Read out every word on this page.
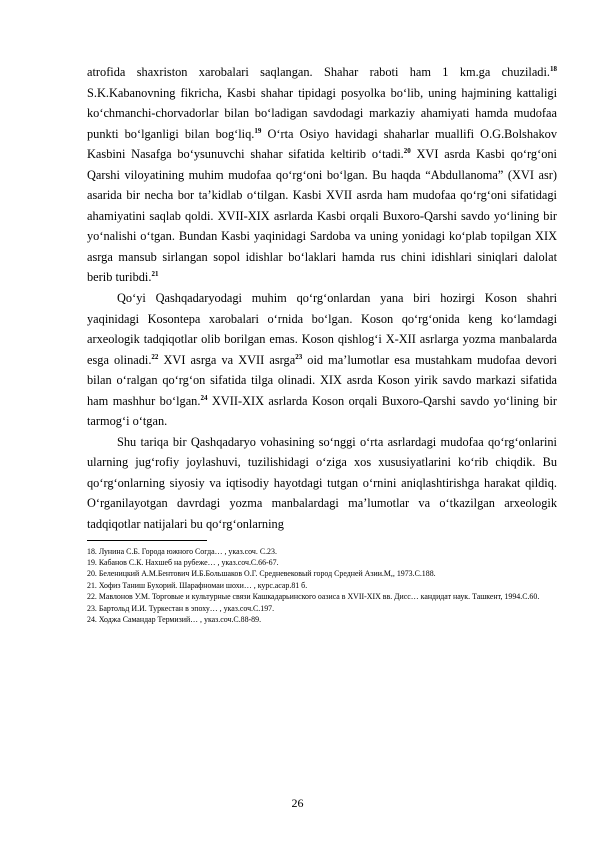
atrofida shaxriston xarobalari saqlangan. Shahar raboti ham 1 km.ga chuziladi.$^{18}$ S.K.Kabanovning fikricha, Kasbi shahar tipidagi posyolka bo‘lib, uning hajmining kattaligi ko‘chmanchi-chorvadorlar bilan bo‘ladigan savdodagi markaziy ahamiyati hamda mudofaa punkti bo‘lganligi bilan bog‘liq.$^{19}$ O‘rta Osiyo havidagi shaharlar muallifi O.G.Bolshakov Kasbini Nasafga bo‘ysunuvchi shahar sifatida keltirib o‘tadi.$^{20}$ XVI asrda Kasbi qo‘rg‘oni Qarshi viloyatining muhim mudofaa qo‘rg‘oni bo‘lgan. Bu haqda “Abdullanoma” (XVI asr) asarida bir necha bor ta’kidlab o‘tilgan. Kasbi XVII asrda ham mudofaa qo‘rg‘oni sifatidagi ahamiyatini saqlab qoldi. XVII-XIX asrlarda Kasbi orqali Buxoro-Qarshi savdo yo‘lining bir yo‘nalishi o‘tgan. Bundan Kasbi yaqinidagi Sardoba va uning yonidagi ko‘plab topilgan XIX asrga mansub sirlangan sopol idishlar bo‘laklari hamda rus chini idishlari siniqlari dalolat berib turibdi.$^{21}$

Qo‘yi Qashqadaryodagi muhim qo‘rg‘onlardan yana biri hozirgi Koson shahri yaqinidagi Kosontepa xarobalari o‘rnida bo‘lgan. Koson qo‘rg‘onida keng ko‘lamdagi arxeologik tadqiqotlar olib borilgan emas. Koson qishlog‘i X-XII asrlarga yozma manbalarda esga olinadi.$^{22}$ XVI asrga va XVII asrga$^{23}$ oid ma’lumotlar esa mustahkam mudofaa devori bilan o‘ralgan qo‘rg‘on sifatida tilga olinadi. XIX asrda Koson yirik savdo markazi sifatida ham mashhur bo‘lgan.$^{24}$ XVII-XIX asrlarda Koson orqali Buxoro-Qarshi savdo yo‘lining bir tarmog‘i o‘tgan.

Shu tariqa bir Qashqadaryo vohasining so‘nggi o‘rta asrlardagi mudofaa qo‘rg‘onlarini ularning jug‘rofiy joylashuvi, tuzilishidagi o‘ziga xos xususiyatlarini ko‘rib chiqdik. Bu qo‘rg‘onlarning siyosiy va iqtisodiy hayotdagi tutgan o‘rnini aniqlashtirishga harakat qildiq. O‘rganilayotgan davrdagi yozma manbalardagi ma’lumotlar va o‘tkazilgan arxeologik tadqiqotlar natijalari bu qo‘rg‘onlarning

18. Лунина С.Б. Города южного Согда… , указ.соч. С.23.
19. Кабанов С.К. Нахшеб на рубеже… , указ.соч.С.66-67.
20. Беленицкий А.М.Бентович И.Б.Большаков О.Г. Средневековый город Средней Азии.М,, 1973.С.188.
21. Хофиз Таниш Бухорий. Шарафномаи шохи… , курс.асар.81 б.
22. Мавлонов У.М. Торговые и культурные связи Кашкадарьинского оазиса в XVII-XIX вв. Дисс… кандидат наук. Ташкент, 1994.С.60.
23. Бартольд И.И. Туркестан в эпоху… , указ.соч.С.197.
24. Ходжа Самандар Термизий… , указ.соч.С.88-89.
26
